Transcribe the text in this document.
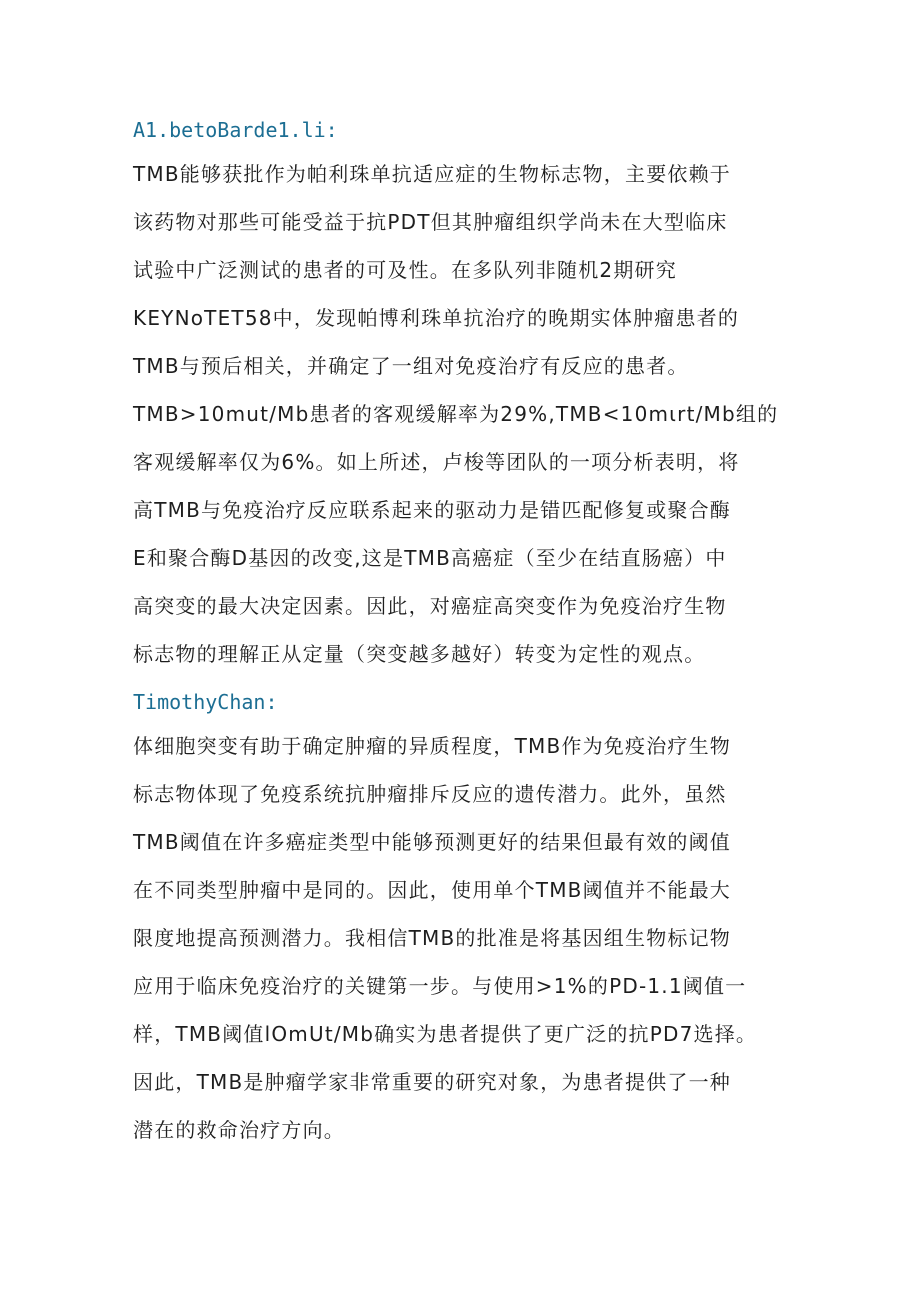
A1.betoBarde1.li:
TMB能够获批作为帕利珠单抗适应症的生物标志物，主要依赖于
该药物对那些可能受益于抗PDT但其肿瘤组织学尚未在大型临床
试验中广泛测试的患者的可及性。在多队列非随机2期研究
KEYNoTET58中，发现帕博利珠单抗治疗的晚期实体肿瘤患者的
TMB与预后相关，并确定了一组对免疫治疗有反应的患者。
TMB>10mut/Mb患者的客观缓解率为29%,TMB<10mιrt/Mb组的
客观缓解率仅为6%。如上所述，卢梭等团队的一项分析表明，将
高TMB与免疫治疗反应联系起来的驱动力是错匹配修复或聚合酶
E和聚合酶D基因的改变,这是TMB高癌症（至少在结直肠癌）中
高突变的最大决定因素。因此，对癌症高突变作为免疫治疗生物
标志物的理解正从定量（突变越多越好）转变为定性的观点。
TimothyChan:
体细胞突变有助于确定肿瘤的异质程度，TMB作为免疫治疗生物
标志物体现了免疫系统抗肿瘤排斥反应的遗传潜力。此外，虽然
TMB阈值在许多癌症类型中能够预测更好的结果但最有效的阈值
在不同类型肿瘤中是同的。因此，使用单个TMB阈值并不能最大
限度地提高预测潜力。我相信TMB的批准是将基因组生物标记物
应用于临床免疫治疗的关键第一步。与使用>1%的PD-1.1阈值一
样，TMB阈值lOmUt/Mb确实为患者提供了更广泛的抗PD7选择。
因此，TMB是肿瘤学家非常重要的研究对象，为患者提供了一种
潜在的救命治疗方向。
